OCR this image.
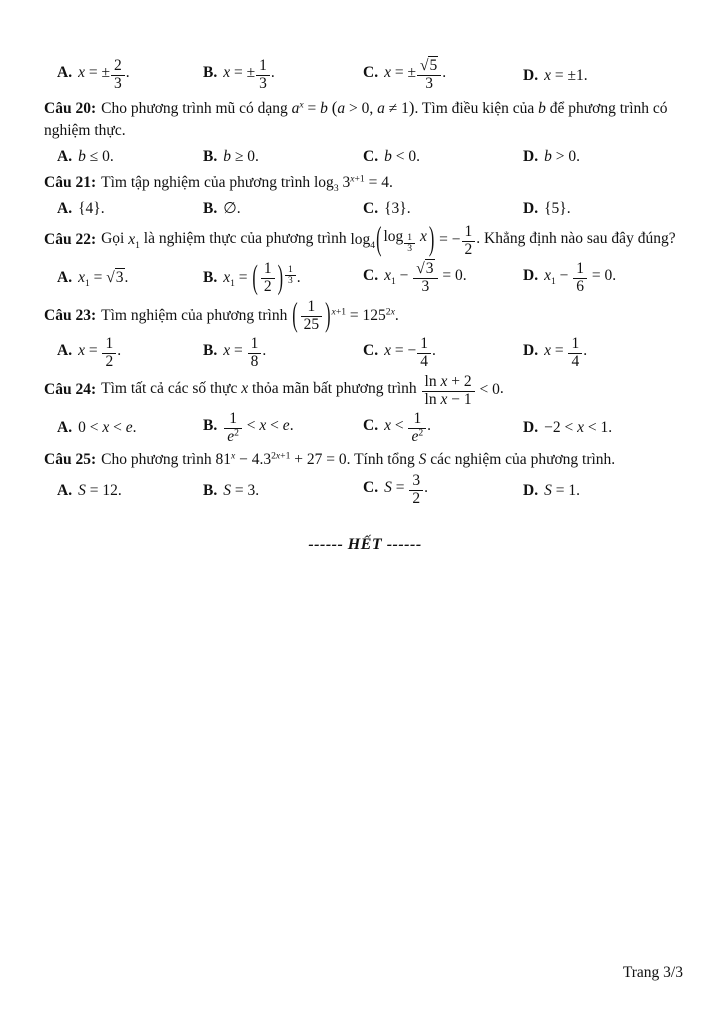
A. x = ± $\frac{2}{3}$ .	B. x = ± $\frac{1}{3}$ .	C. x = ± $\frac{√5}{3}$ .	D. x = ±1.

Câu 20: Cho phương trình mũ có dạng $a^x = b$ (a > 0, a ≠ 1). Tìm điều kiện của b để phương trình có nghiệm thực.

A. b ≤ 0.	B. b ≥ 0.	C. b < 0.	D. b > 0.

Câu 21: Tìm tập nghiệm của phương trình $\log_3 3^{x+1} = 4$.

A. {4}.	B. ∅.	C. {3}.	D. {5}.

Câu 22: Gọi $x_1$ là nghiệm thực của phương trình $\log_4$ ( log $_{\frac{1}{3}}$ x ) = − $\frac{1}{2}$ . Khẳng định nào sau đây đúng?

A. $x_1 = √3$.	B. $x_1$ = ( $\frac{1}{2}$ ) $^{\frac{1}{3}}$ .	C. $x_1 - \frac{√3}{3} = 0$.	D. $x_1 - \frac{1}{6} = 0$.

Câu 23: Tìm nghiệm của phương trình ( $\frac{1}{25}$ ) $^{x+1} = 125^{2x}$.

A. $x = \frac{1}{2}$ .	B. $x = \frac{1}{8}$ .	C. x = − $\frac{1}{4}$ .	D. $x = \frac{1}{4}$ .

Câu 24: Tìm tất cả các số thực x thỏa mãn bất phương trình $\frac{\text{ln x + 2}}{\text{ln x − 1}} < 0$.

A. 0 < x < e.	B. $\frac{1}{e^2} < x < e$.	C. $x < \frac{1}{e^2}$ .	D. −2 < x < 1.

Câu 25: Cho phương trình $81^x - 4.3^{2x+1} + 27 = 0$. Tính tổng S các nghiệm của phương trình.

A. S = 12.	B. S = 3.	C. $S = \frac{3}{2}$ .	D. S = 1.
------ HẾT ------
Trang 3/3
